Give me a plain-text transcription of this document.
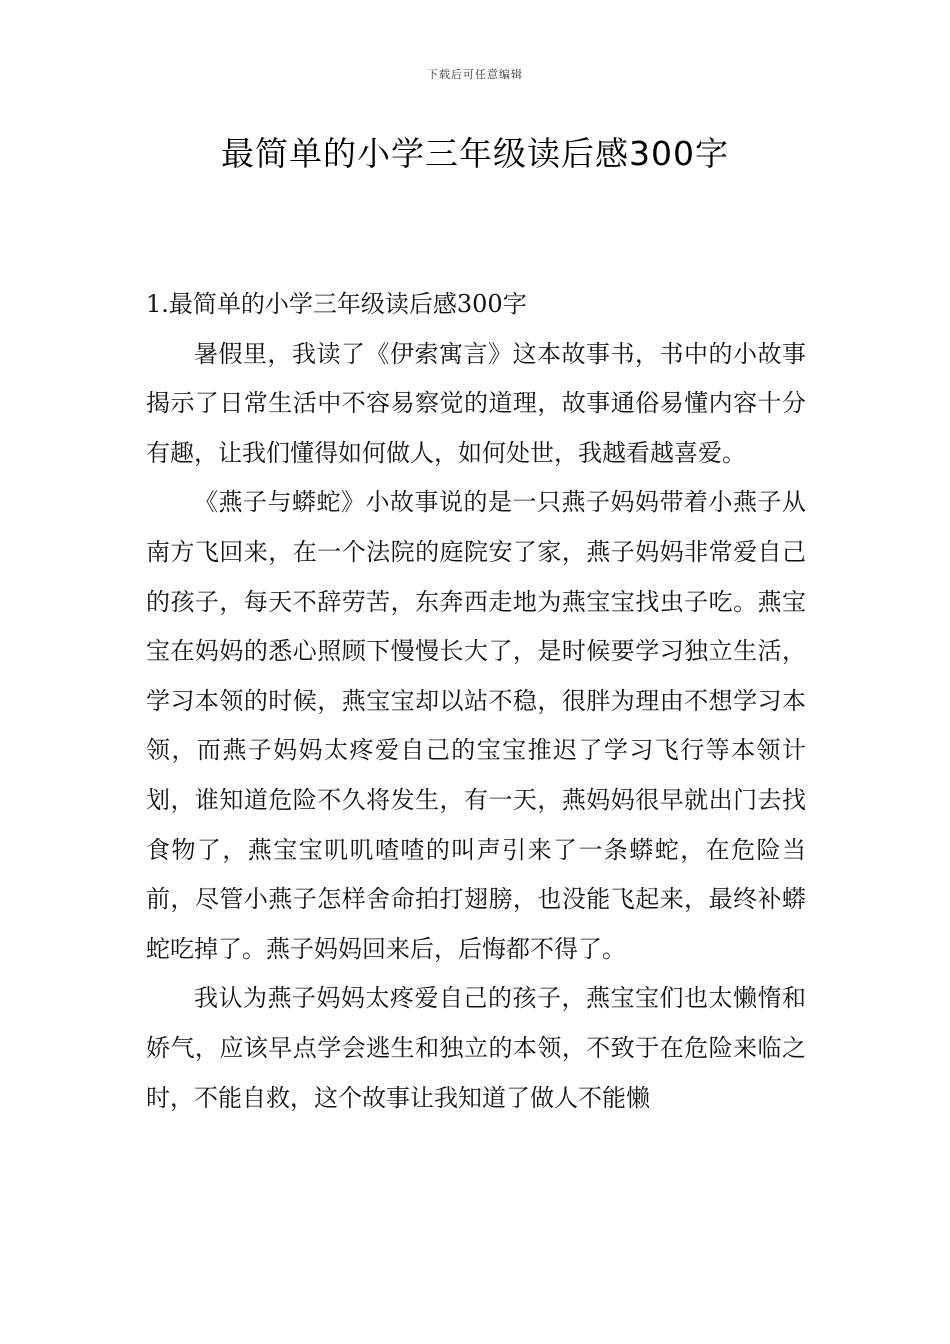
下载后可任意编辑
最简单的小学三年级读后感300字

1.最简单的小学三年级读后感300字

暑假里，我读了《伊索寓言》这本故事书，书中的小故事揭示了日常生活中不容易察觉的道理，故事通俗易懂内容十分有趣，让我们懂得如何做人，如何处世，我越看越喜爱。

《燕子与蟒蛇》小故事说的是一只燕子妈妈带着小燕子从南方飞回来，在一个法院的庭院安了家，燕子妈妈非常爱自己的孩子，每天不辞劳苦，东奔西走地为燕宝宝找虫子吃。燕宝宝在妈妈的悉心照顾下慢慢长大了，是时候要学习独立生活，学习本领的时候，燕宝宝却以站不稳，很胖为理由不想学习本领，而燕子妈妈太疼爱自己的宝宝推迟了学习飞行等本领计划，谁知道危险不久将发生，有一天，燕妈妈很早就出门去找食物了，燕宝宝叽叽喳喳的叫声引来了一条蟒蛇，在危险当前，尽管小燕子怎样舍命拍打翅膀，也没能飞起来，最终补蟒蛇吃掉了。燕子妈妈回来后，后悔都不得了。

我认为燕子妈妈太疼爱自己的孩子，燕宝宝们也太懒惰和娇气，应该早点学会逃生和独立的本领，不致于在危险来临之时，不能自救，这个故事让我知道了做人不能懒
